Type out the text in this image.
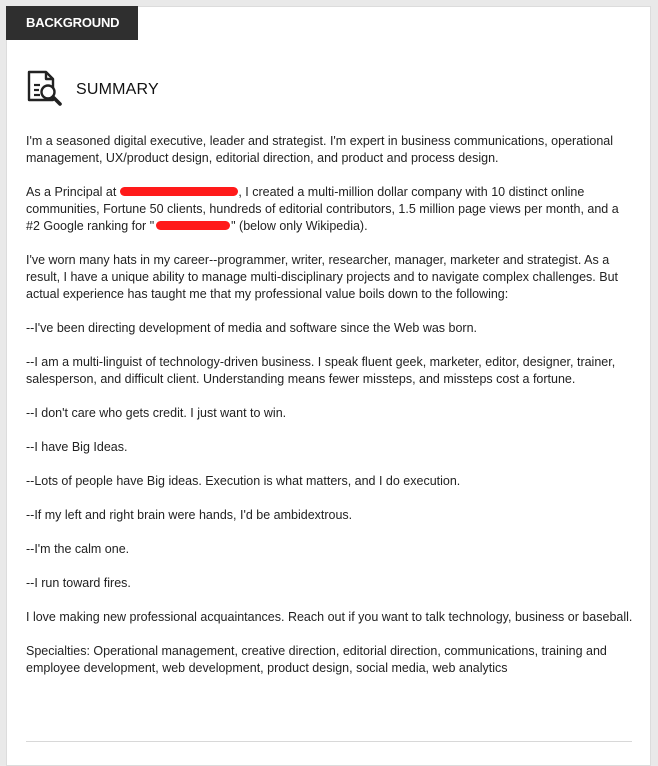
BACKGROUND
SUMMARY

I'm a seasoned digital executive, leader and strategist. I'm expert in business communications, operational management, UX/product design, editorial direction, and product and process design.

As a Principal at	, I created a multi-million dollar company with 10 distinct online communities, Fortune 50 clients, hundreds of editorial contributors, 1.5 million page views per month, and a #2 Google ranking for "	" (below only Wikipedia).

I've worn many hats in my career--programmer, writer, researcher, manager, marketer and strategist. As a result, I have a unique ability to manage multi-disciplinary projects and to navigate complex challenges. But actual experience has taught me that my professional value boils down to the following:

--I've been directing development of media and software since the Web was born.

--I am a multi-linguist of technology-driven business. I speak fluent geek, marketer, editor, designer, trainer, salesperson, and difficult client. Understanding means fewer missteps, and missteps cost a fortune.

--I don't care who gets credit. I just want to win.

--I have Big Ideas.

--Lots of people have Big ideas. Execution is what matters, and I do execution.

--If my left and right brain were hands, I'd be ambidextrous.

--I'm the calm one.

--I run toward fires.

I love making new professional acquaintances. Reach out if you want to talk technology, business or baseball.

Specialties: Operational management, creative direction, editorial direction, communications, training and employee development, web development, product design, social media, web analytics
